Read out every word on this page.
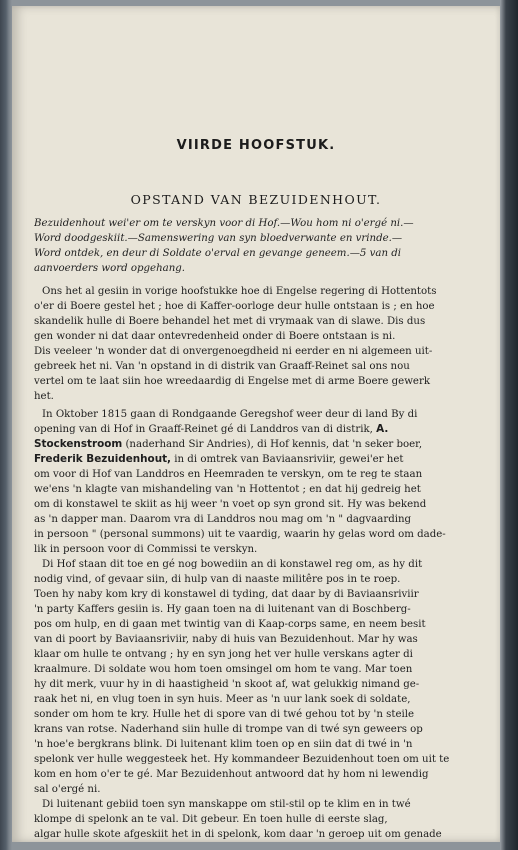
VIIRDE HOOFSTUK.
OPSTAND VAN BEZUIDENHOUT.
Bezuidenhout wei'er om te verskyn voor di Hof.—Wou hom ni o'ergé ni.—
Word doodgeskiit.—Samenswering van syn bloedverwante en vrinde.—
Word ontdek, en deur di Soldate o'erval en gevange geneem.—5 van di
aanvoerders word opgehang.
Ons het al gesiin in vorige hoofstukke hoe di Engelse regering di Hottentots
o'er di Boere gestel het ; hoe di Kaffer-oorloge deur hulle ontstaan is ; en hoe
skandelik hulle di Boere behandel het met di vrymaak van di slawe. Dis dus
gen wonder ni dat daar ontevredenheid onder di Boere ontstaan is ni.
Dis veeleer 'n wonder dat di onvergenoegdheid ni eerder en ni algemeen uit-
gebreek het ni. Van 'n opstand in di distrik van Graaff-Reinet sal ons nou
vertel om te laat siin hoe wreedaardig di Engelse met di arme Boere gewerk
het.
In Oktober 1815 gaan di Rondgaande Geregshof weer deur di land By di
opening van di Hof in Graaff-Reinet gé di Landdros van di distrik, A.
Stockenstroom (naderhand Sir Andries), di Hof kennis, dat 'n seker boer,
Frederik Bezuidenhout, in di omtrek van Baviaansriviir, gewei'er het
om voor di Hof van Landdros en Heemraden te verskyn, om te reg te staan
we'ens 'n klagte van mishandeling van 'n Hottentot ; en dat hij gedreig het
om di konstawel te skiit as hij weer 'n voet op syn grond sit. Hy was bekend
as 'n dapper man. Daarom vra di Landdros nou mag om 'n " dagvaarding
in persoon " (personal summons) uit te vaardig, waarin hy gelas word om dade-
lik in persoon voor di Commissi te verskyn.
Di Hof staan dit toe en gé nog bowediin an di konstawel reg om, as hy dit
nodig vind, of gevaar siin, di hulp van di naaste militêre pos in te roep.
Toen hy naby kom kry di konstawel di tyding, dat daar by di Baviaansriviir
'n party Kaffers gesiin is. Hy gaan toen na di luitenant van di Boschberg-
pos om hulp, en di gaan met twintig van di Kaap-corps same, en neem besit
van di poort by Baviaansriviir, naby di huis van Bezuidenhout. Mar hy was
klaar om hulle te ontvang ; hy en syn jong het ver hulle verskans agter di
kraalmure. Di soldate wou hom toen omsingel om hom te vang. Mar toen
hy dit merk, vuur hy in di haastigheid 'n skoot af, wat gelukkig nimand ge-
raak het ni, en vlug toen in syn huis. Meer as 'n uur lank soek di soldate,
sonder om hom te kry. Hulle het di spore van di twé gehou tot by 'n steile
krans van rotse. Naderhand siin hulle di trompe van di twé syn geweers op
'n hoe'e bergkrans blink. Di luitenant klim toen op en siin dat di twé in 'n
spelonk ver hulle weggesteek het. Hy kommandeer Bezuidenhout toen om uit te
kom en hom o'er te gé. Mar Bezuidenhout antwoord dat hy hom ni lewendig
sal o'ergé ni.
Di luitenant gebiid toen syn manskappe om stil-stil op te klim en in twé
klompe di spelonk an te val. Dit gebeur. En toen hulle di eerste slag,
algar hulle skote afgeskiit het in di spelonk, kom daar 'n geroep uit om genade
